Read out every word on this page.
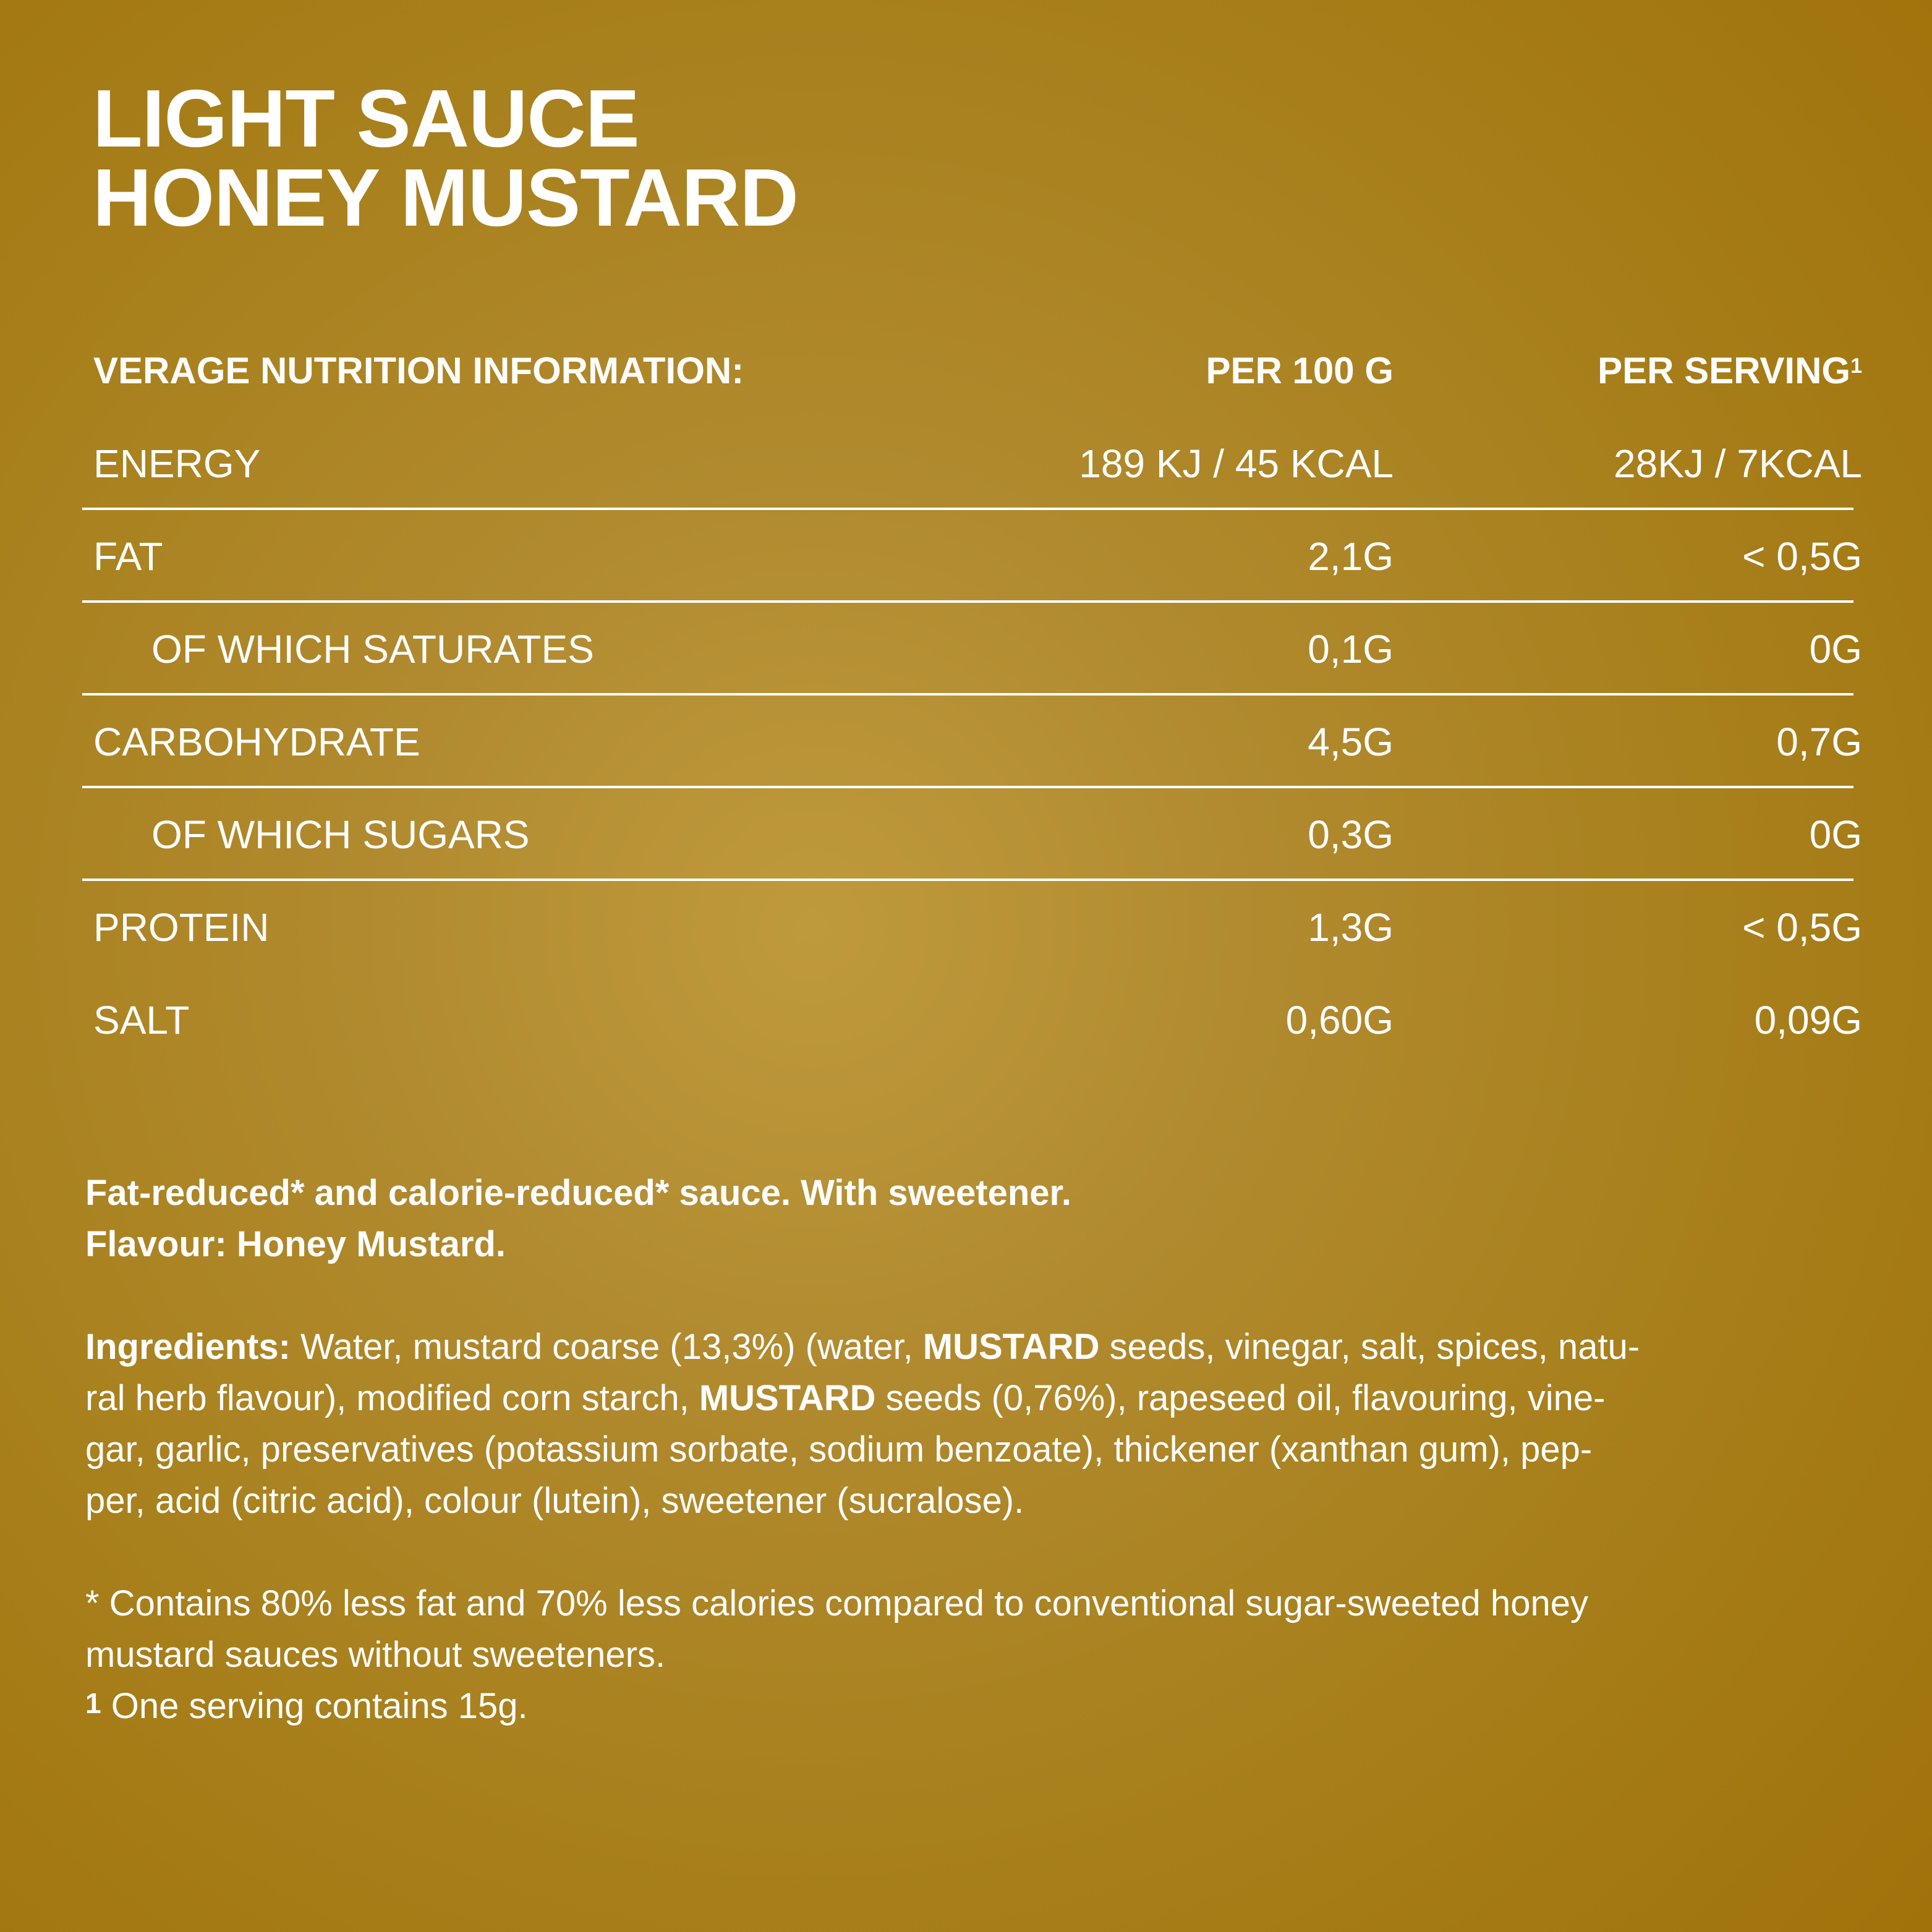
LIGHT SAUCE
HONEY MUSTARD
VERAGE NUTRITION INFORMATION:	PER 100 G	PER SERVING$^1$
ENERGY	189 KJ / 45 KCAL	28KJ / 7KCAL
FAT	2,1G	< 0,5G
OF WHICH SATURATES	0,1G	0G
CARBOHYDRATE	4,5G	0,7G
OF WHICH SUGARS	0,3G	0G
PROTEIN	1,3G	< 0,5G
SALT	0,60G	0,09G

Fat-reduced* and calorie-reduced* sauce. With sweetener.

Flavour: Honey Mustard.

Ingredients: Water, mustard coarse (13,3%) (water, MUSTARD seeds, vinegar, salt, spices, natu-

ral herb flavour), modified corn starch, MUSTARD seeds (0,76%), rapeseed oil, flavouring, vine-

gar, garlic, preservatives (potassium sorbate, sodium benzoate), thickener (xanthan gum), pep-

per, acid (citric acid), colour (lutein), sweetener (sucralose).

* Contains 80% less fat and 70% less calories compared to conventional sugar-sweeted honey

mustard sauces without sweeteners.

$^1$ One serving contains 15g.
